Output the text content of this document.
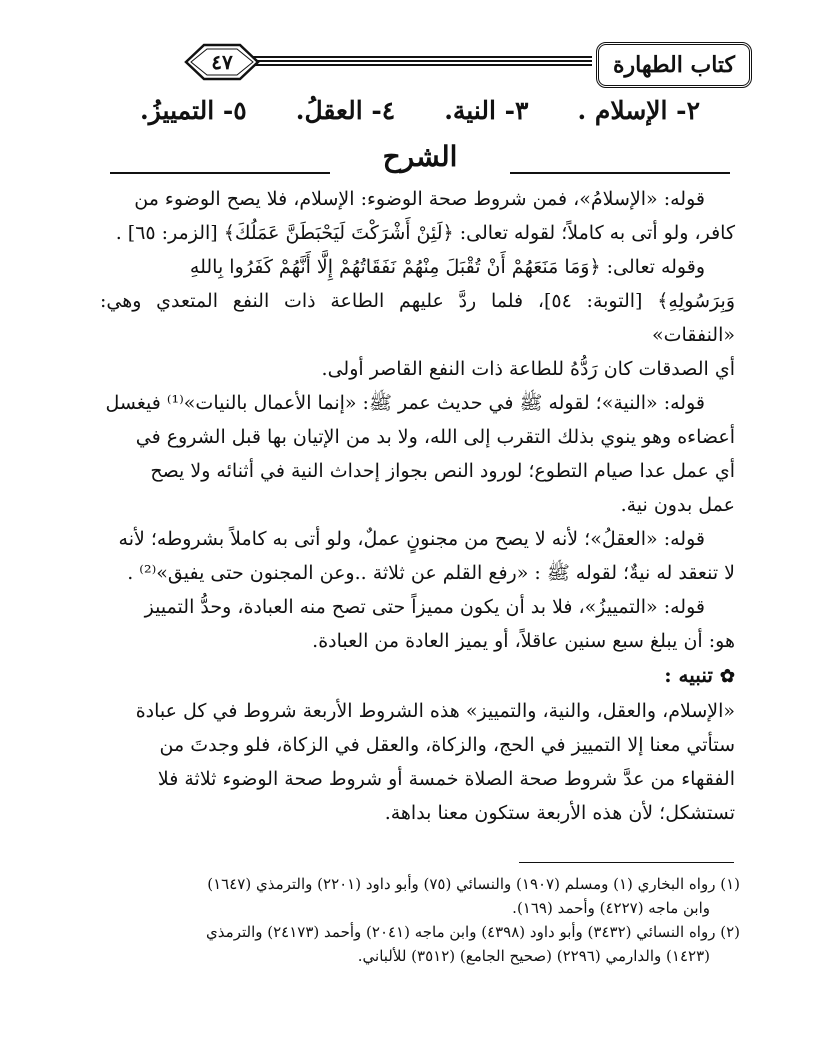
٤٧	كتاب الطهارة
٢- الإسلام .
٣- النية.
٤- العقلُ.
٥- التمييزُ.
الشرح

قوله: «الإسلامُ»، فمن شروط صحة الوضوء: الإسلام، فلا يصح الوضوء من

كافر، ولو أتى به كاملاً؛ لقوله تعالى: ﴿لَئِنْ أَشْرَكْتَ لَيَحْبَطَنَّ عَمَلُكَ﴾ [الزمر: ٦٥] .

وقوله تعالى: ﴿وَمَا مَنَعَهُمْ أَنْ تُقْبَلَ مِنْهُمْ نَفَقَاتُهُمْ إِلَّا أَنَّهُمْ كَفَرُوا بِاللهِ

وَبِرَسُولِهِ﴾ [التوبة: ٥٤]، فلما ردَّ عليهم الطاعة ذات النفع المتعدي وهي: «النفقات»

أي الصدقات كان رَدُّهُ للطاعة ذات النفع القاصر أولى.

قوله: «النية»؛ لقوله ﷺ في حديث عمر ﷺ: «إنما الأعمال بالنيات»⁽¹⁾ فيغسل

أعضاءه وهو ينوي بذلك التقرب إلى الله، ولا بد من الإتيان بها قبل الشروع في

أي عمل عدا صيام التطوع؛ لورود النص بجواز إحداث النية في أثنائه ولا يصح

عمل بدون نية.

قوله: «العقلُ»؛ لأنه لا يصح من مجنونٍ عملٌ، ولو أتى به كاملاً بشروطه؛ لأنه

لا تنعقد له نيةٌ؛ لقوله ﷺ : «رفع القلم عن ثلاثة ..وعن المجنون حتى يفيق»⁽²⁾ .

قوله: «التمييزُ»، فلا بد أن يكون مميزاً حتى تصح منه العبادة، وحدُّ التمييز

هو: أن يبلغ سبع سنين عاقلاً، أو يميز العادة من العبادة.

✿ تنبيه :

«الإسلام، والعقل، والنية، والتمييز» هذه الشروط الأربعة شروط في كل عبادة

ستأتي معنا إلا التمييز في الحج، والزكاة، والعقل في الزكاة، فلو وجدتَ من

الفقهاء من عدَّ شروط صحة الصلاة خمسة أو شروط صحة الوضوء ثلاثة فلا

تستشكل؛ لأن هذه الأربعة ستكون معنا بداهة.

(١) رواه البخاري (١) ومسلم (١٩٠٧) والنسائي (٧٥) وأبو داود (٢٢٠١) والترمذي (١٦٤٧)

وابن ماجه (٤٢٢٧) وأحمد (١٦٩).

(٢) رواه النسائي (٣٤٣٢) وأبو داود (٤٣٩٨) وابن ماجه (٢٠٤١) وأحمد (٢٤١٧٣) والترمذي

(١٤٢٣) والدارمي (٢٢٩٦) (صحيح الجامع) (٣٥١٢) للألباني.
